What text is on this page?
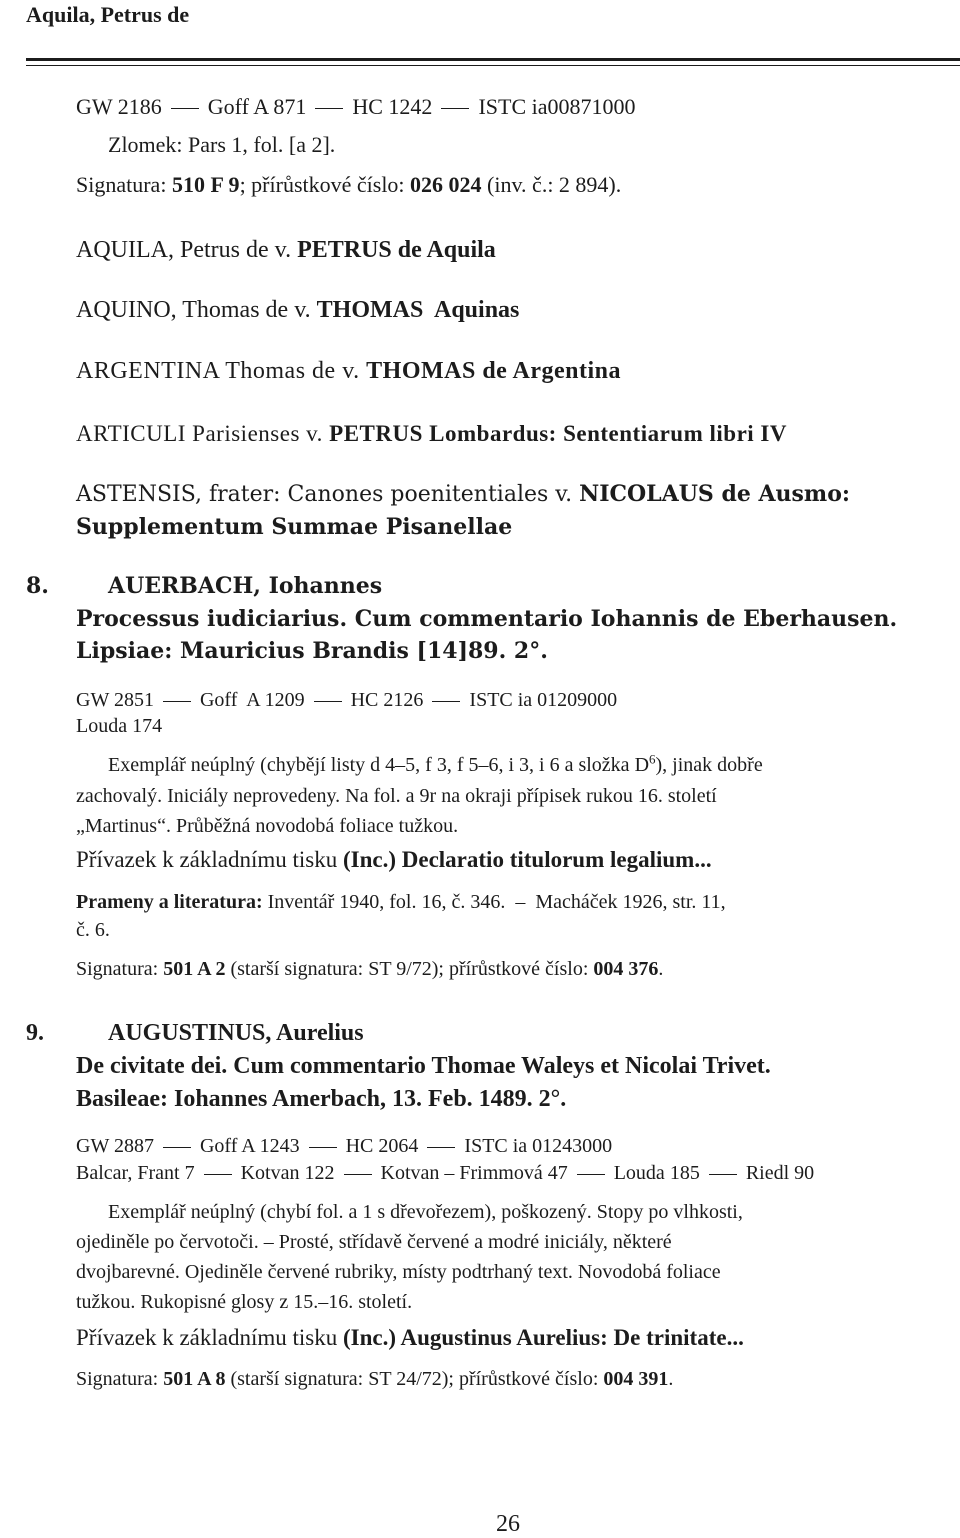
Aquila, Petrus de
GW 2186 Goff A 871 HC 1242 ISTC ia00871000
Zlomek: Pars 1, fol. [a 2].
Signatura: 510 F 9; přírůstkové číslo: 026 024 (inv. č.: 2 894).
AQUILA, Petrus de v. PETRUS de Aquila
AQUINO, Thomas de v. THOMAS  Aquinas
ARGENTINA Thomas de v. THOMAS de Argentina
ARTICULI Parisienses v. PETRUS Lombardus: Sententiarum libri IV
ASTENSIS, frater: Canones poenitentiales v. NICOLAUS de Ausmo:
Supplementum Summae Pisanellae
8.	AUERBACH, Iohannes
Processus iudiciarius. Cum commentario Iohannis de Eberhausen.
Lipsiae: Mauricius Brandis [14]89. 2°.
GW 2851 Goff  A 1209 HC 2126 ISTC ia 01209000
Louda 174
Exemplář neúplný (chybějí listy d 4–5, f 3, f 5–6, i 3, i 6 a složka $D^6$), jinak dobře
zachovalý. Iniciály neprovedeny. Na fol. a 9r na okraji přípisek rukou 16. století
„Martinus“. Průběžná novodobá foliace tužkou.
Přívazek k základnímu tisku (Inc.) Declaratio titulorum legalium...
Prameny a literatura: Inventář 1940, fol. 16, č. 346.  –  Macháček 1926, str. 11,
č. 6.
Signatura: 501 A 2 (starší signatura: ST 9/72); přírůstkové číslo: 004 376.
9.	AUGUSTINUS, Aurelius
De civitate dei. Cum commentario Thomae Waleys et Nicolai Trivet.
Basileae: Iohannes Amerbach, 13. Feb. 1489. 2°.
GW 2887 Goff A 1243 HC 2064 ISTC ia 01243000
Balcar, Frant 7 Kotvan 122 Kotvan – Frimmová 47 Louda 185 Riedl 90
Exemplář neúplný (chybí fol. a 1 s dřevořezem), poškozený. Stopy po vlhkosti,
ojediněle po červotoči. – Prosté, střídavě červené a modré iniciály, některé
dvojbarevné. Ojediněle červené rubriky, místy podtrhaný text. Novodobá foliace
tužkou. Rukopisné glosy z 15.–16. století.
Přívazek k základnímu tisku (Inc.) Augustinus Aurelius: De trinitate...
Signatura: 501 A 8 (starší signatura: ST 24/72); přírůstkové číslo: 004 391.
26
